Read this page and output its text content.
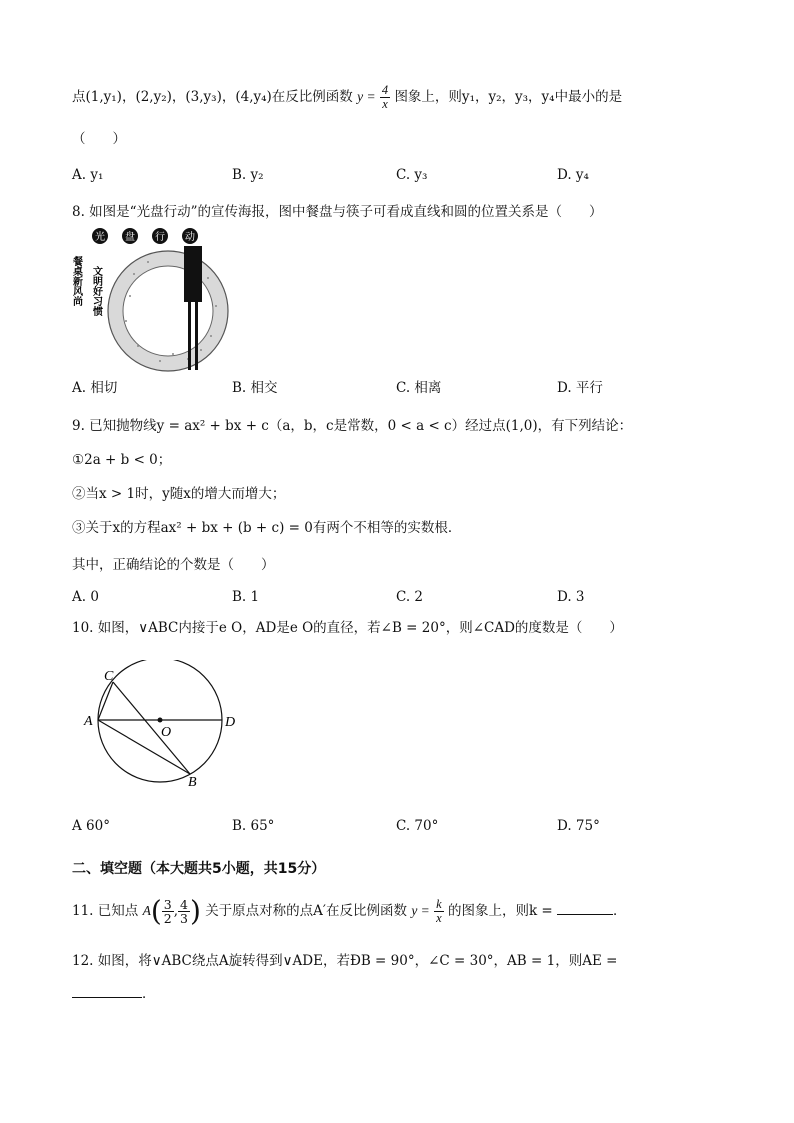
点(1,y₁)，(2,y₂)，(3,y₃)，(4,y₄)在反比例函数 $y = \frac{4}{x}$ 图象上，则y₁，y₂，y₃，y₄中最小的是
（　　）
A. y₁	B. y₂	C. y₃	D. y₄
8. 如图是“光盘行动”的宣传海报，图中餐盘与筷子可看成直线和圆的位置关系是（　　）
光 盘 行 动
餐桌新风尚 文明好习惯
A. 相切	B. 相交	C. 相离	D. 平行
9. 已知抛物线y = ax² + bx + c（a，b，c是常数，0 < a < c）经过点(1,0)，有下列结论：
①2a + b < 0；
②当x > 1时，y随x的增大而增大；
③关于x的方程ax² + bx + (b + c) = 0有两个不相等的实数根．
其中，正确结论的个数是（　　）
A. 0	B. 1	C. 2	D. 3
10. 如图，∨ABC内接于e O，AD是e O的直径，若∠B = 20°，则∠CAD的度数是（　　）
C
A
O
D
B
A 60°	B. 65°	C. 70°	D. 75°
二、填空题（本大题共5小题，共15分）
11. 已知点 $A( \frac{3}{2}$ , $\frac{4}{3}$ ) 关于原点对称的点A′在反比例函数 $y = \frac{k}{x}$ 的图象上，则k =	．
12. 如图，将∨ABC绕点A旋转得到∨ADE，若ÐB = 90°，∠C = 30°，AB = 1，则AE =
．
